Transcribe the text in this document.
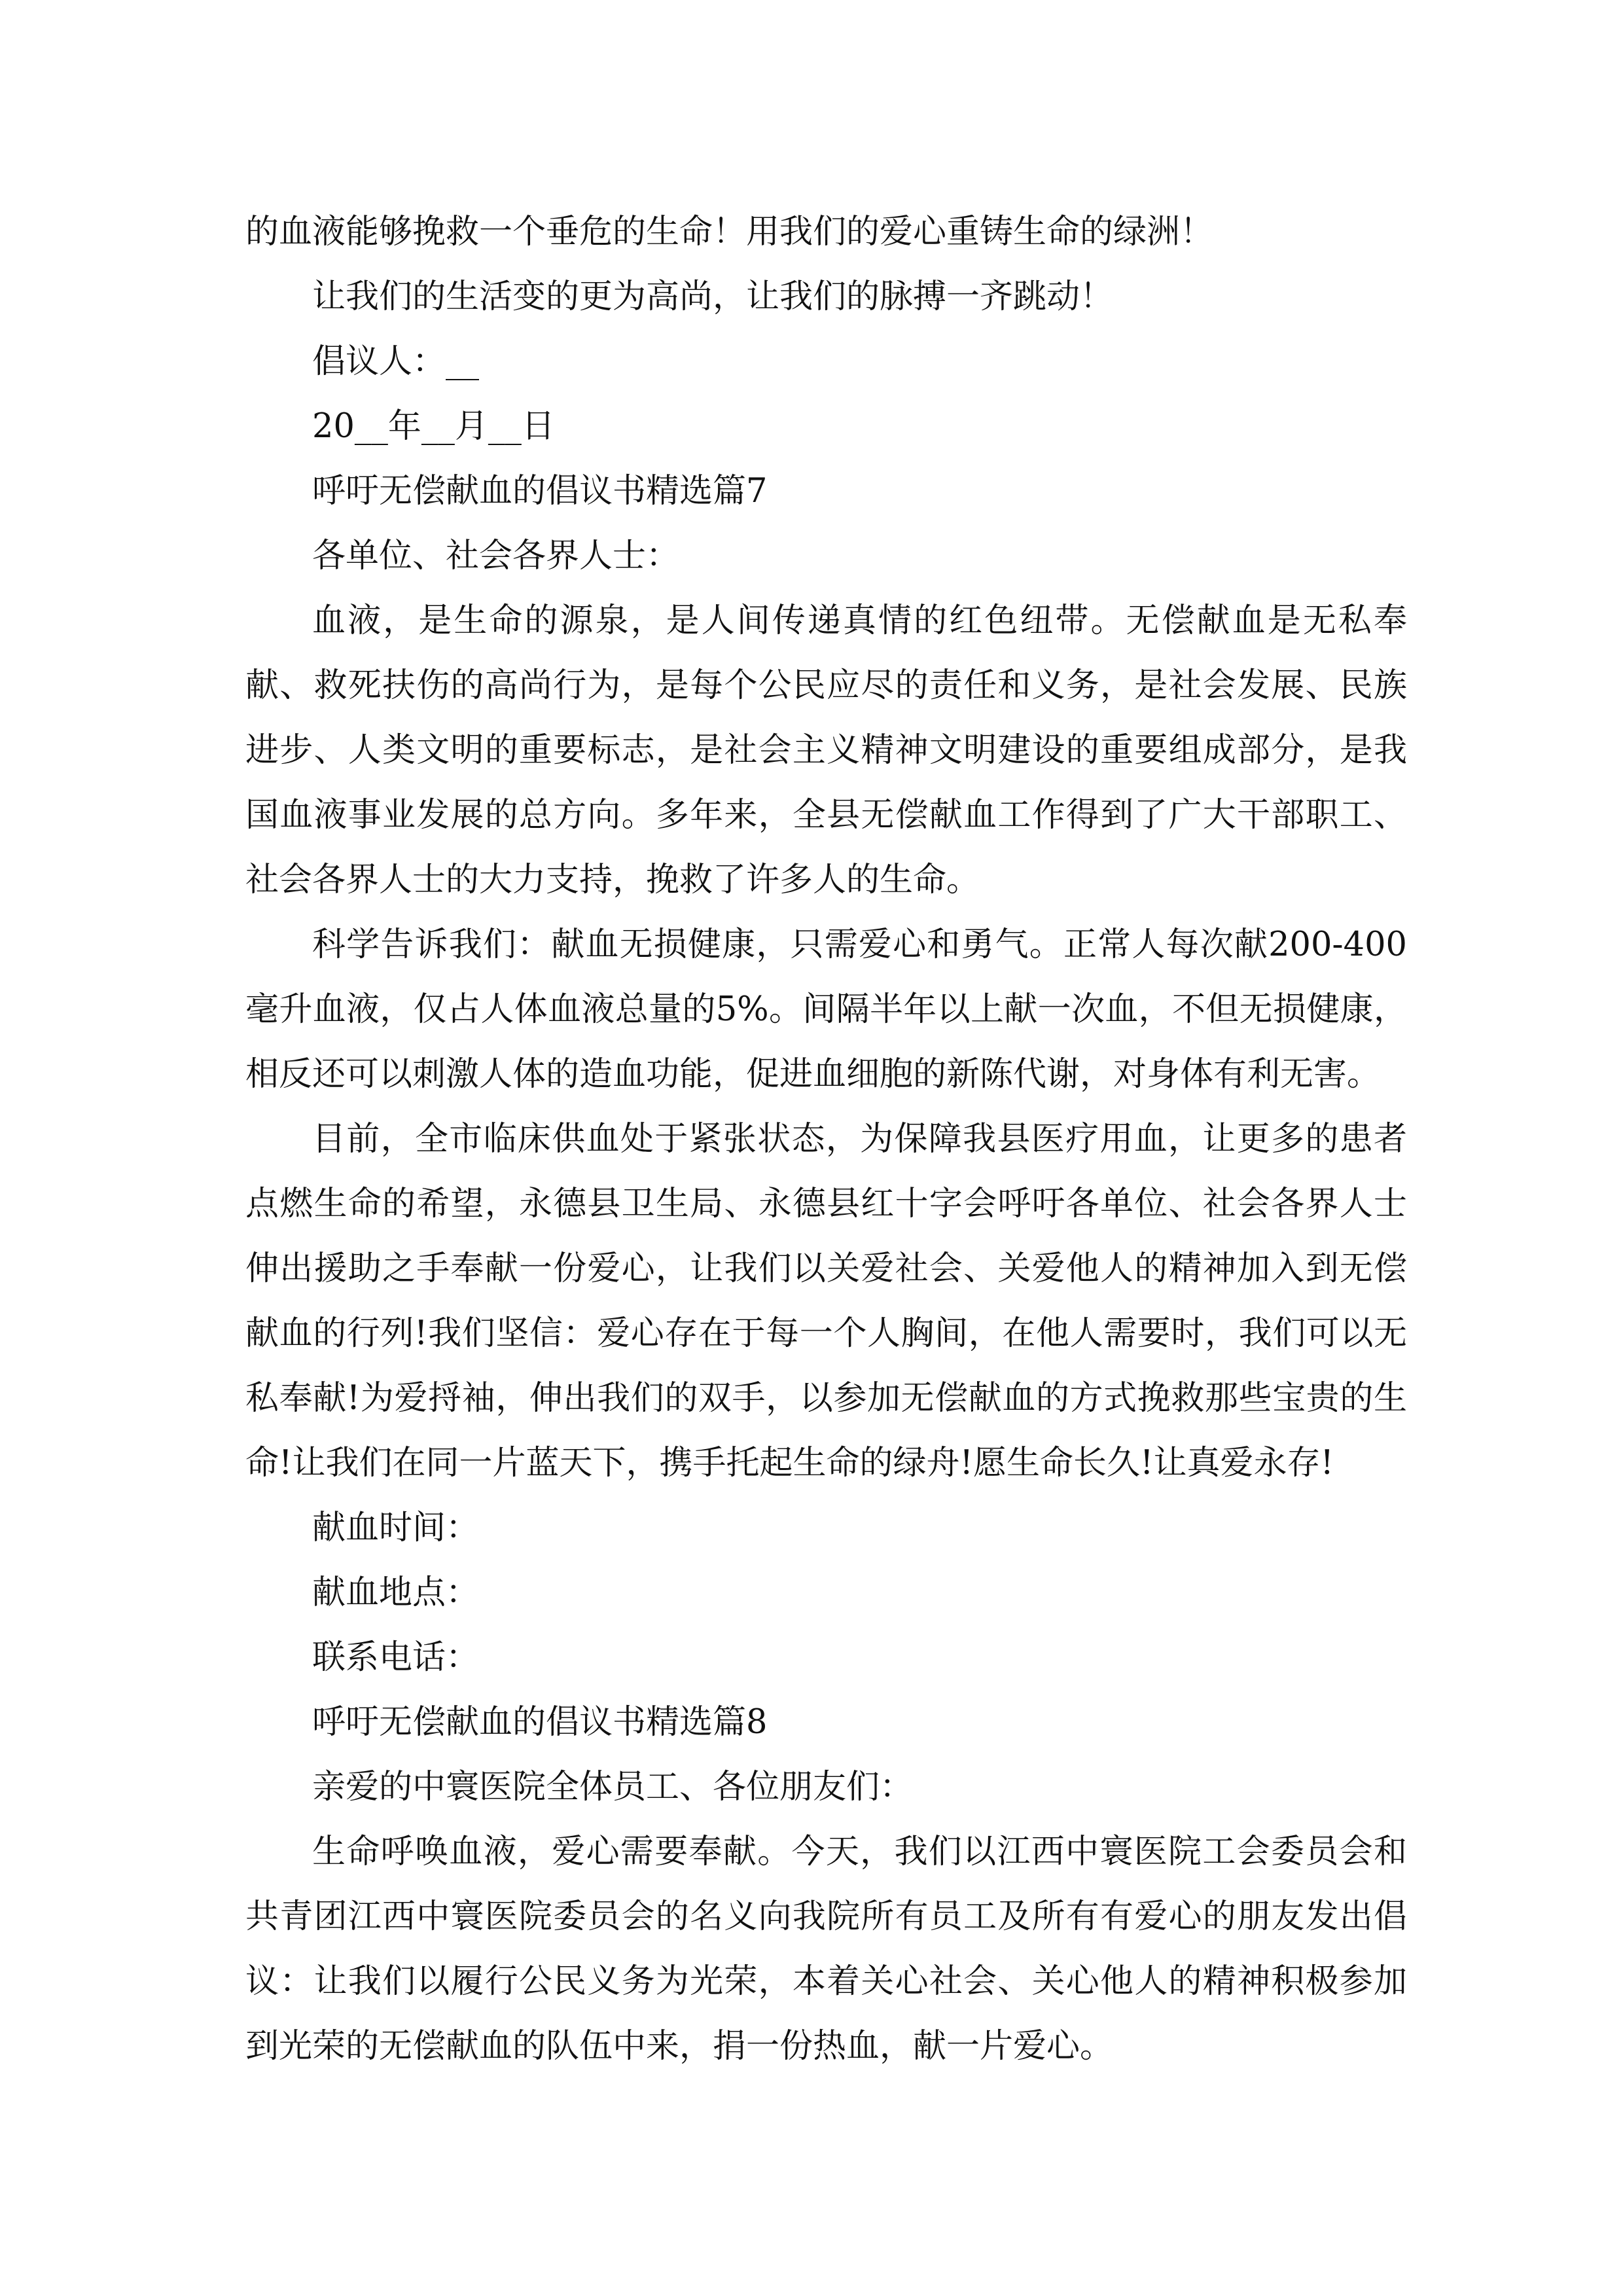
的血液能够挽救一个垂危的生命！用我们的爱心重铸生命的绿洲！

让我们的生活变的更为高尚，让我们的脉搏一齐跳动！

倡议人：__

20__年__月__日

呼吁无偿献血的倡议书精选篇7

各单位、社会各界人士：

血液，是生命的源泉，是人间传递真情的红色纽带。无偿献血是无私奉献、救死扶伤的高尚行为，是每个公民应尽的责任和义务，是社会发展、民族进步、人类文明的重要标志，是社会主义精神文明建设的重要组成部分，是我国血液事业发展的总方向。多年来，全县无偿献血工作得到了广大干部职工、社会各界人士的大力支持，挽救了许多人的生命。

科学告诉我们：献血无损健康，只需爱心和勇气。正常人每次献200-400毫升血液，仅占人体血液总量的5%。间隔半年以上献一次血，不但无损健康，相反还可以刺激人体的造血功能，促进血细胞的新陈代谢，对身体有利无害。

目前，全市临床供血处于紧张状态，为保障我县医疗用血，让更多的患者点燃生命的希望，永德县卫生局、永德县红十字会呼吁各单位、社会各界人士伸出援助之手奉献一份爱心，让我们以关爱社会、关爱他人的精神加入到无偿献血的行列!我们坚信：爱心存在于每一个人胸间，在他人需要时，我们可以无私奉献!为爱捋袖，伸出我们的双手，以参加无偿献血的方式挽救那些宝贵的生命!让我们在同一片蓝天下，携手托起生命的绿舟!愿生命长久!让真爱永存!

献血时间：

献血地点：

联系电话：

呼吁无偿献血的倡议书精选篇8

亲爱的中寰医院全体员工、各位朋友们：

生命呼唤血液，爱心需要奉献。今天，我们以江西中寰医院工会委员会和共青团江西中寰医院委员会的名义向我院所有员工及所有有爱心的朋友发出倡议：让我们以履行公民义务为光荣，本着关心社会、关心他人的精神积极参加到光荣的无偿献血的队伍中来，捐一份热血，献一片爱心。
